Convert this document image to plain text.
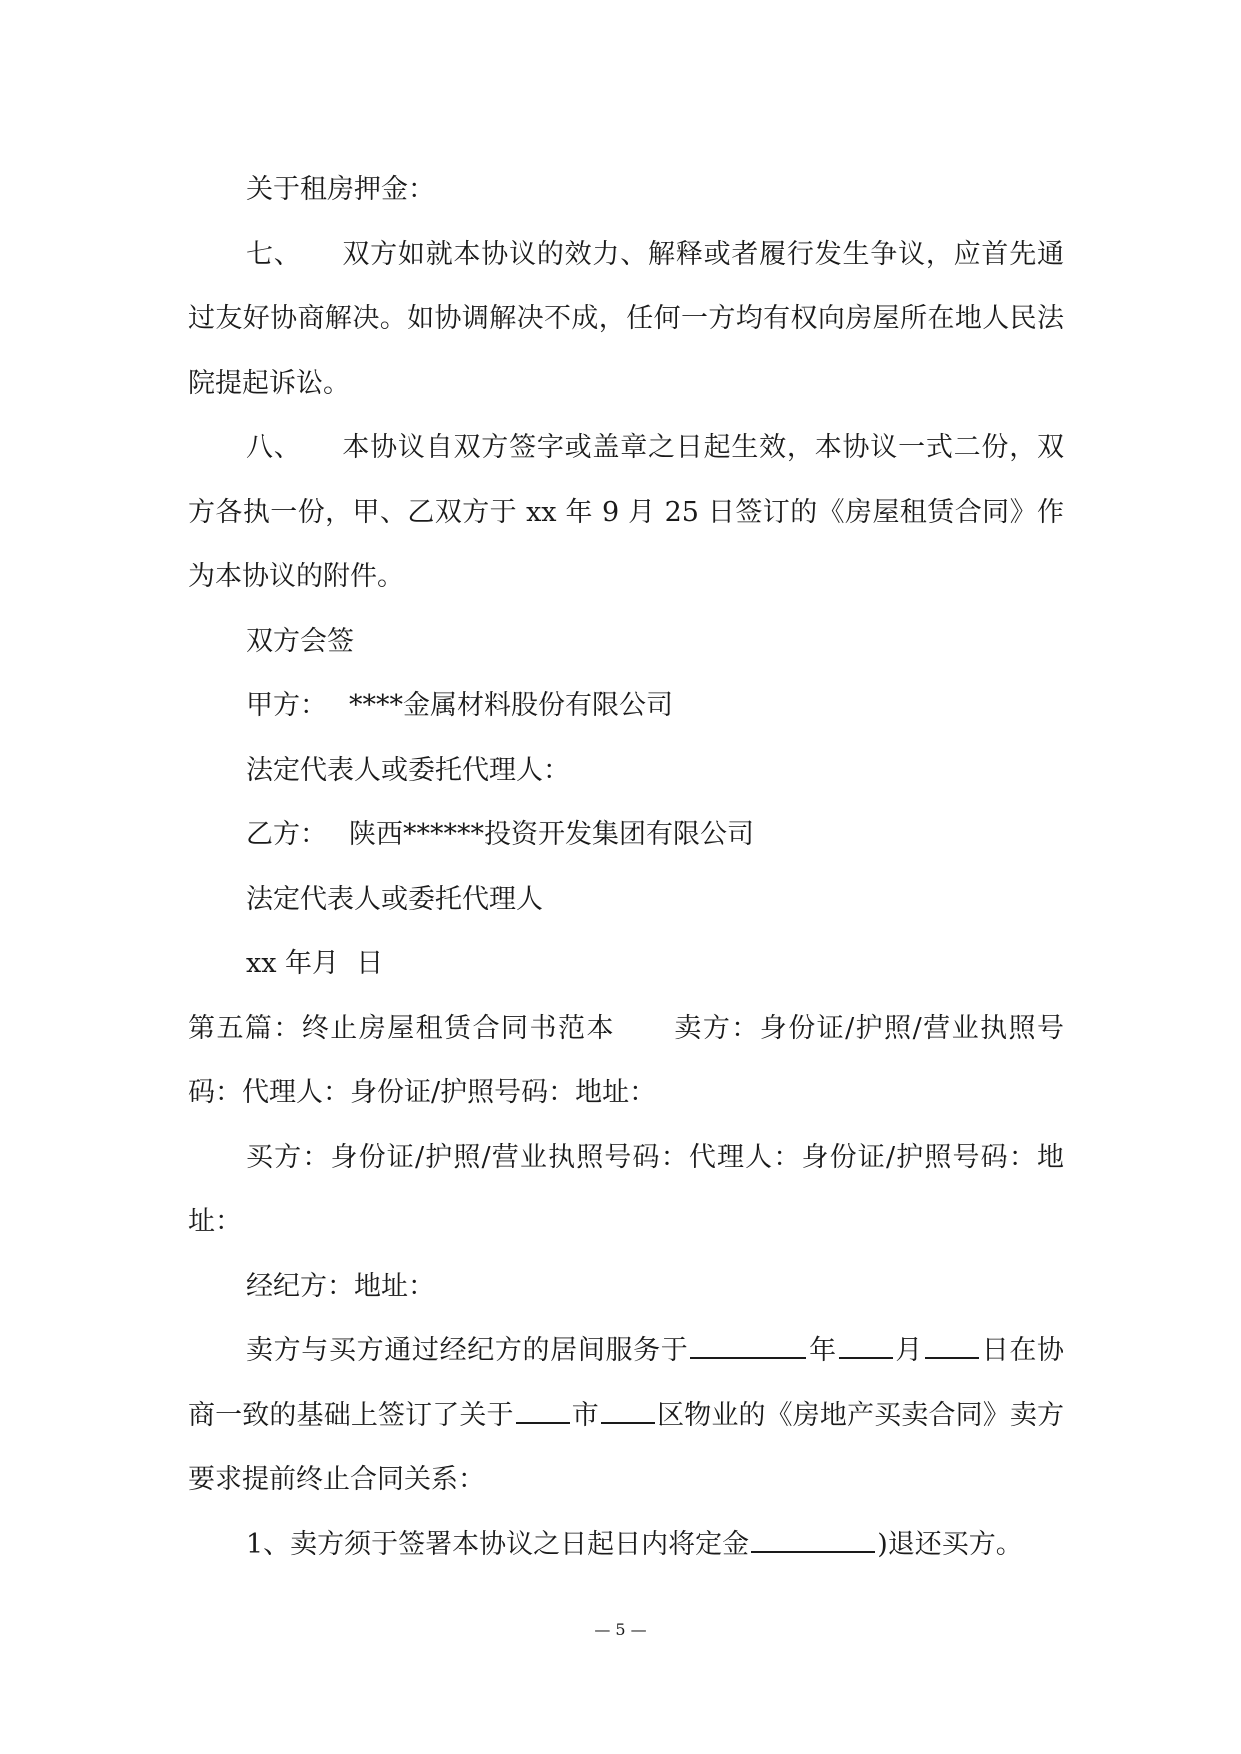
关于租房押金：

七、 双方如就本协议的效力、解释或者履行发生争议，应首先通过友好协商解决。如协调解决不成，任何一方均有权向房屋所在地人民法院提起诉讼。

八、 本协议自双方签字或盖章之日起生效，本协议一式二份，双方各执一份，甲、乙双方于 xx 年 9 月 25 日签订的《房屋租赁合同》作为本协议的附件。

双方会签

甲方： ****金属材料股份有限公司

法定代表人或委托代理人：

乙方： 陕西******投资开发集团有限公司

法定代表人或委托代理人

xx 年月  日

第五篇：终止房屋租赁合同书范本 卖方：身份证/护照/营业执照号码：代理人：身份证/护照号码：地址：

买方：身份证/护照/营业执照号码：代理人：身份证/护照号码：地址：

经纪方：地址：

卖方与买方通过经纪方的居间服务于	年 月 日在协商一致的基础上签订了关于 市 区物业的《房地产买卖合同》卖方要求提前终止合同关系：

1、卖方须于签署本协议之日起日内将定金	)退还买方。

— 5 —
